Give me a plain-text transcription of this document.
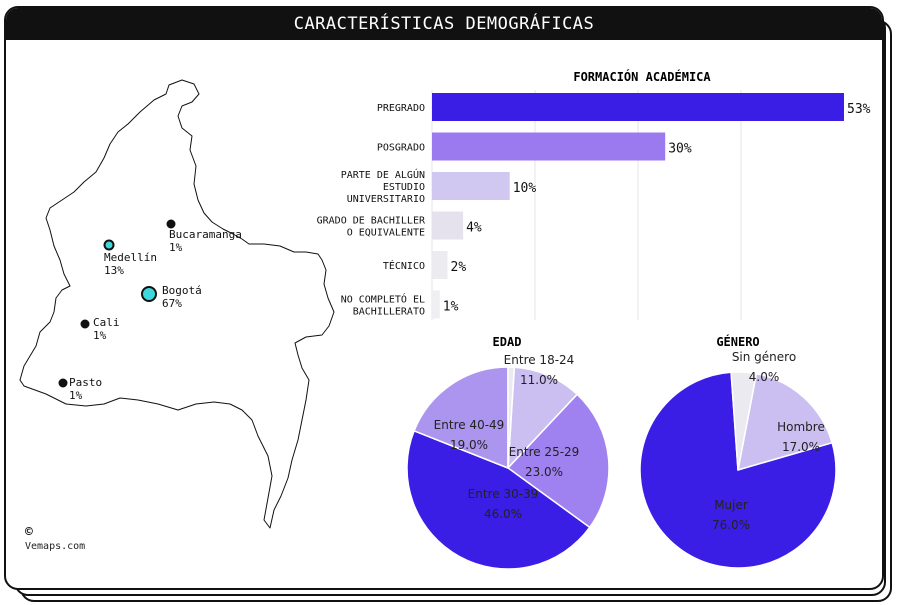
CARACTERÍSTICAS DEMOGRÁFICAS
Bucaramanga
1%
Medellín
13%
Bogotá
67%
Cali
1%
Pasto
1%
©
Vemaps.com
FORMACIÓN ACADÉMICA
53%
PREGRADO
30%
POSGRADO
10%
PARTE DE ALGÚN
ESTUDIO
UNIVERSITARIO
4%
GRADO DE BACHILLER
O EQUIVALENTE
2%
TÉCNICO
1%
NO COMPLETÓ EL
BACHILLERATO
EDAD
Entre 18-24
11.0%
Entre 25-29
23.0%
Entre 30-39
46.0%
Entre 40-49
19.0%
GÉNERO
Hombre
17.0%
Mujer
76.0%
Sin género
4.0%
